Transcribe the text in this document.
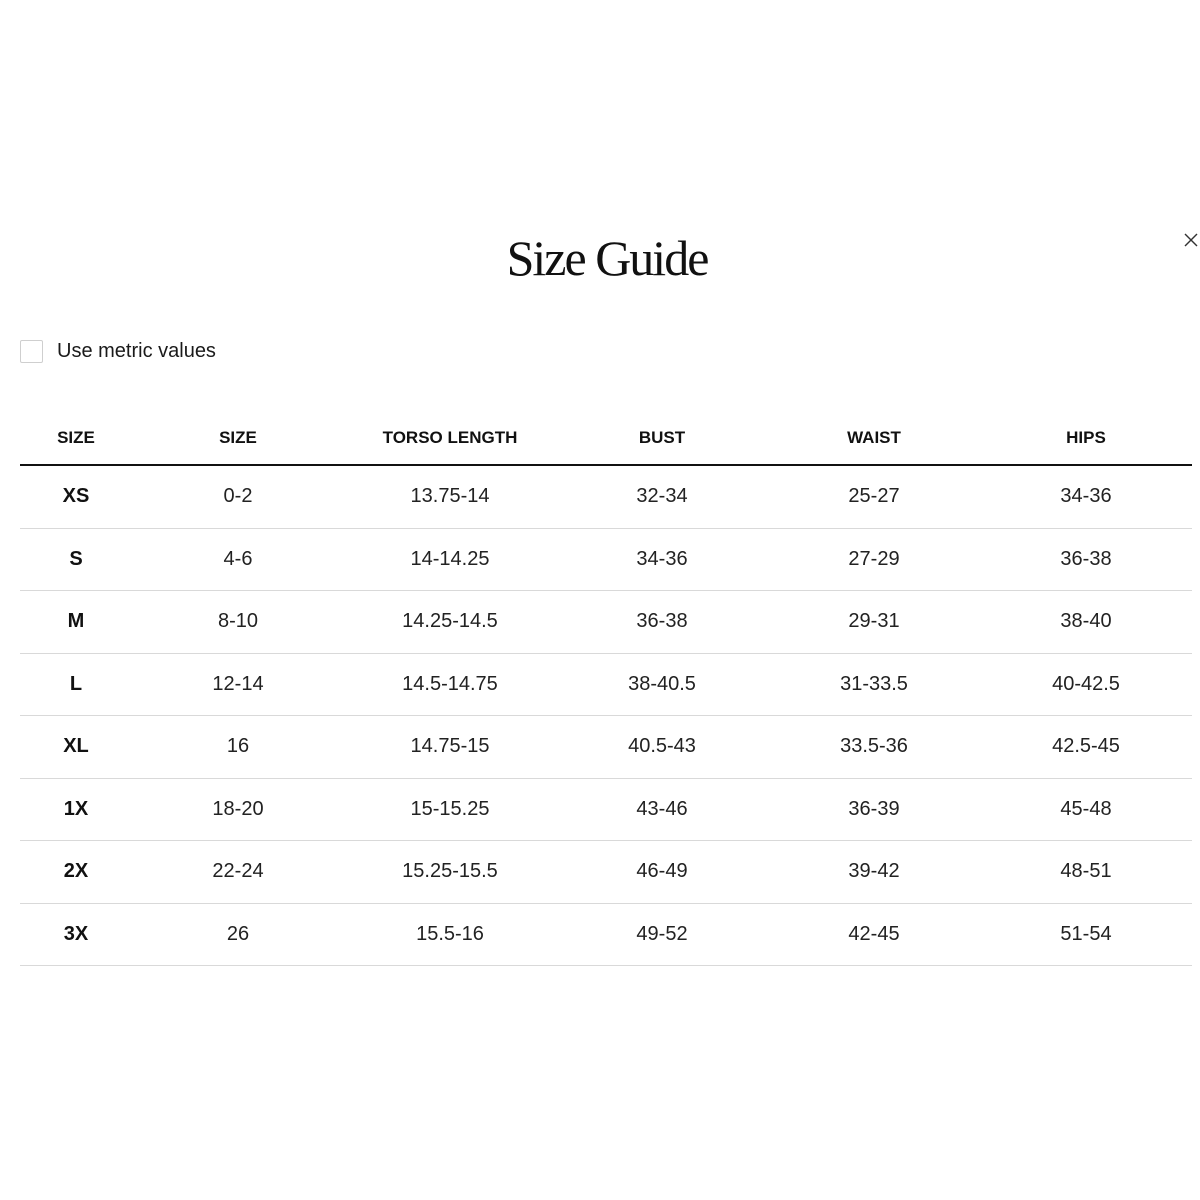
Size Guide
Use metric values
SIZE	SIZE	TORSO LENGTH	BUST	WAIST	HIPS
XS	0-2	13.75-14	32-34	25-27	34-36
S	4-6	14-14.25	34-36	27-29	36-38
M	8-10	14.25-14.5	36-38	29-31	38-40
L	12-14	14.5-14.75	38-40.5	31-33.5	40-42.5
XL	16	14.75-15	40.5-43	33.5-36	42.5-45
1X	18-20	15-15.25	43-46	36-39	45-48
2X	22-24	15.25-15.5	46-49	39-42	48-51
3X	26	15.5-16	49-52	42-45	51-54
